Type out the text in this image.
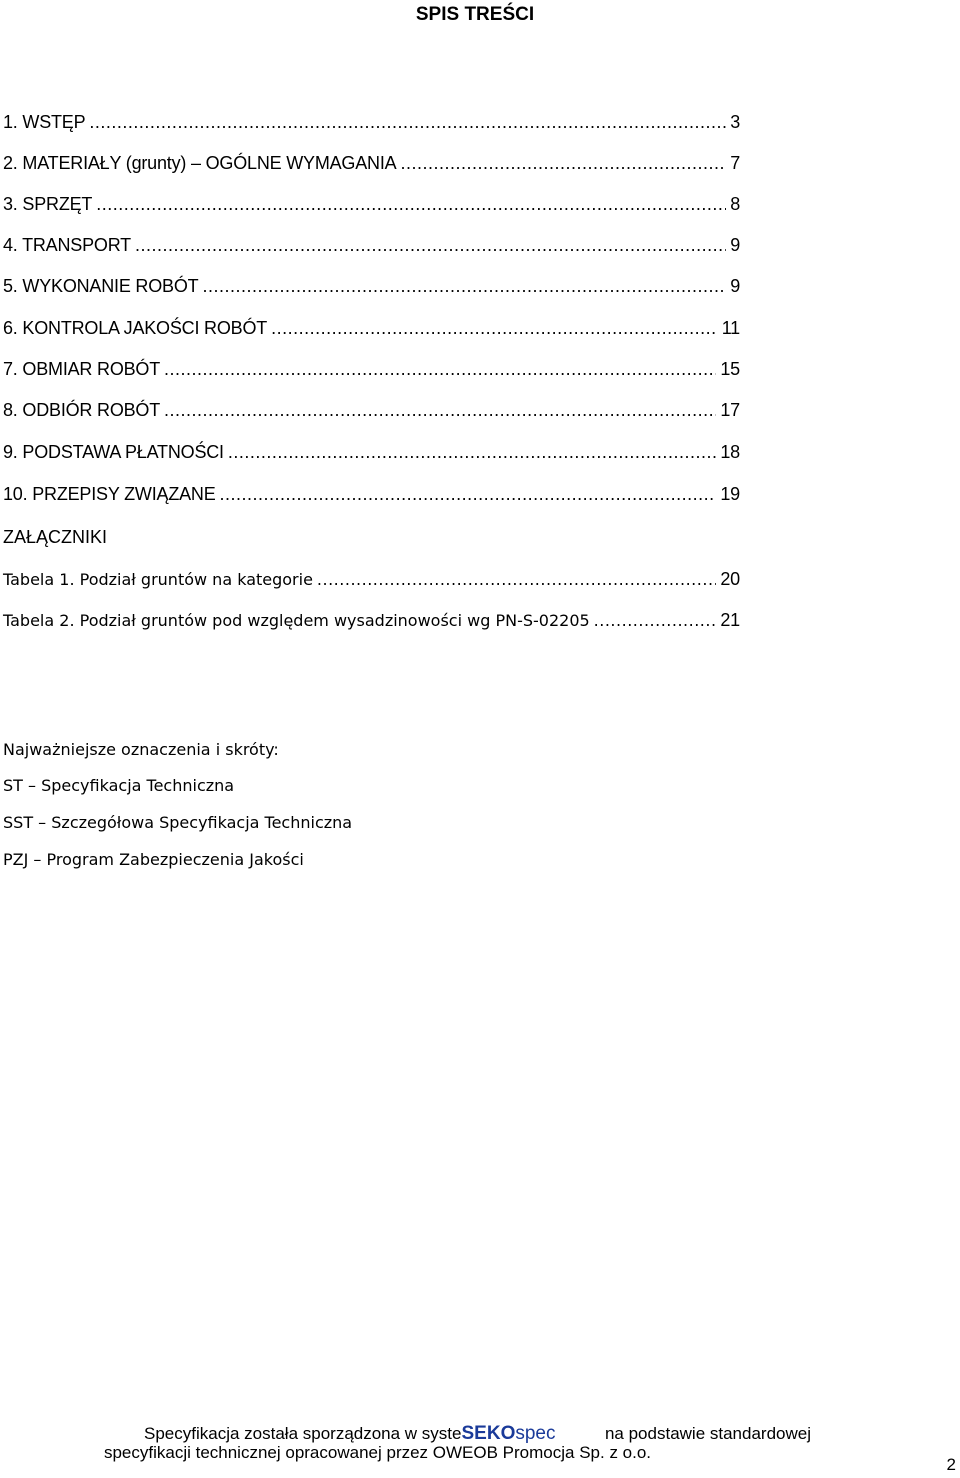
SPIS TREŚCI
1. WSTĘP .....	3
2. MATERIAŁY (grunty) – OGÓLNE WYMAGANIA .....	7
3. SPRZĘT .....	8
4. TRANSPORT .....	9
5. WYKONANIE ROBÓT .....	9
6. KONTROLA JAKOŚCI ROBÓT .....	11
7. OBMIAR ROBÓT .....	15
8. ODBIÓR ROBÓT .....	17
9. PODSTAWA PŁATNOŚCI .....	18
10. PRZEPISY ZWIĄZANE .....	19
ZAŁĄCZNIKI
Tabela 1. Podział gruntów na kategorie .....	20
Tabela 2. Podział gruntów pod względem wysadzinowości wg PN-S-02205 .....	21
Najważniejsze oznaczenia i skróty:
ST – Specyfikacja Techniczna
SST – Szczegółowa Specyfikacja Techniczna
PZJ – Program Zabezpieczenia Jakości
Specyfikacja została sporządzona w systeSEKOspec	na podstawie standardowej
specyfikacji technicznej opracowanej przez OWEOB Promocja Sp. z o.o.
2
